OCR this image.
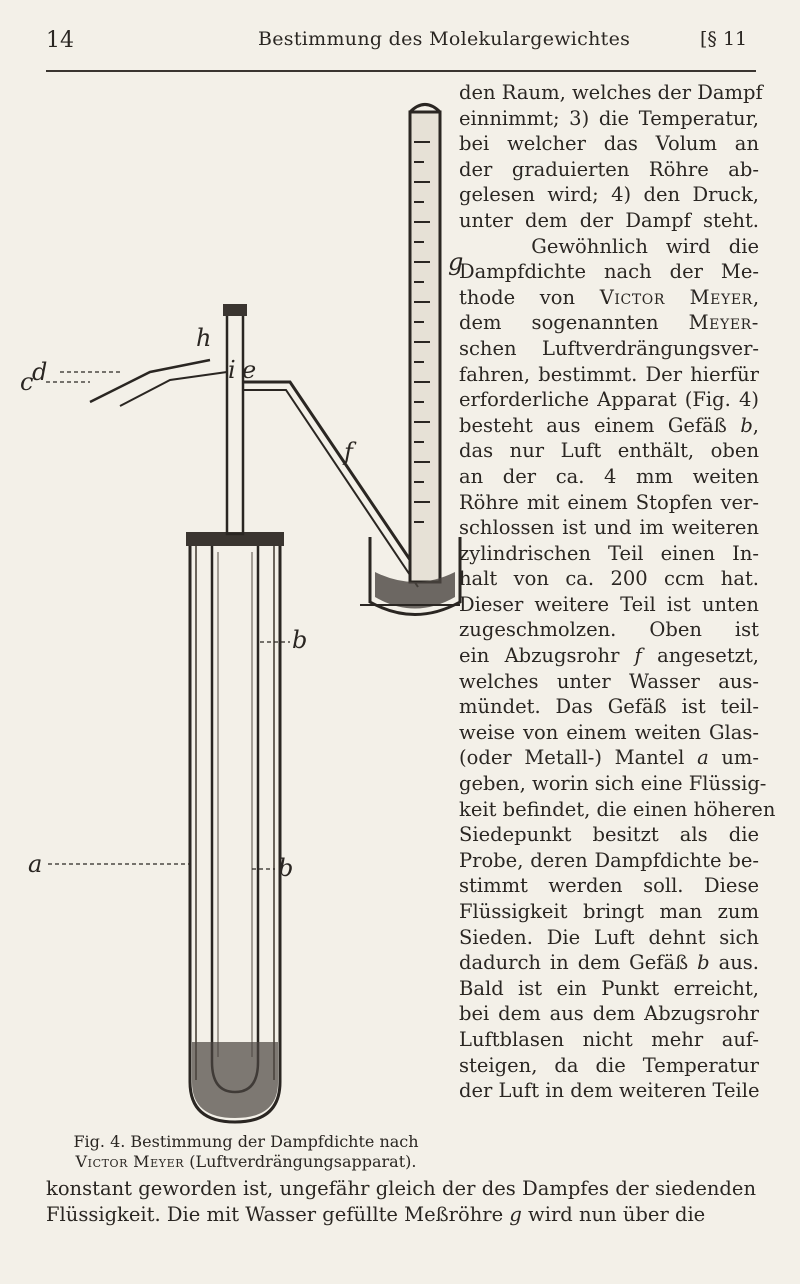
14	Bestimmung des Molekulargewichtes	[§ 11
g
h
d
c	i e
f
b
a	b
Fig. 4. Bestimmung der Dampfdichte nach
Victor Meyer (Luftverdrängungsapparat).
den Raum, welches der Dampf
einnimmt; 3) die Temperatur,
bei welcher das Volum an
der graduierten Röhre ab-
gelesen wird; 4) den Druck,
unter dem der Dampf steht.
Gewöhnlich wird die
Dampfdichte nach der Me-
thode von Victor Meyer,
dem sogenannten Meyer-
schen Luftverdrängungsver-
fahren, bestimmt. Der hierfür
erforderliche Apparat (Fig. 4)
besteht aus einem Gefäß b,
das nur Luft enthält, oben
an der ca. 4 mm weiten
Röhre mit einem Stopfen ver-
schlossen ist und im weiteren
zylindrischen Teil einen In-
halt von ca. 200 ccm hat.
Dieser weitere Teil ist unten
zugeschmolzen. Oben ist
ein Abzugsrohr f angesetzt,
welches unter Wasser aus-
mündet. Das Gefäß ist teil-
weise von einem weiten Glas-
(oder Metall-) Mantel a um-
geben, worin sich eine Flüssig-
keit befindet, die einen höheren
Siedepunkt besitzt als die
Probe, deren Dampfdichte be-
stimmt werden soll. Diese
Flüssigkeit bringt man zum
Sieden. Die Luft dehnt sich
dadurch in dem Gefäß b aus.
Bald ist ein Punkt erreicht,
bei dem aus dem Abzugsrohr
Luftblasen nicht mehr auf-
steigen, da die Temperatur
der Luft in dem weiteren Teile
konstant geworden ist, ungefähr gleich der des Dampfes der siedenden
Flüssigkeit. Die mit Wasser gefüllte Meßröhre g wird nun über die
